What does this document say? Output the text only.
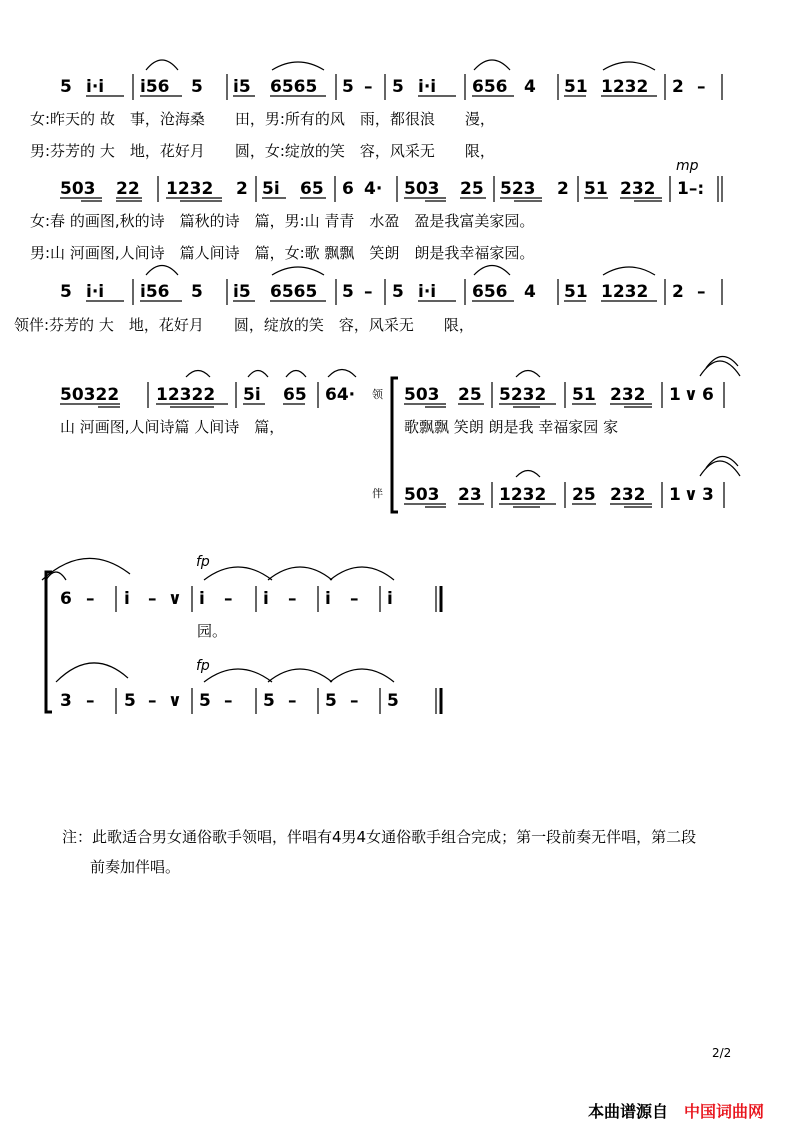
5 i·i i56 5 i5 6565 5 – 5 i·i 656 4 51 1232 2 –
女:昨天的 故　事，沧海桑　　田，男:所有的风　雨，都很浪　　漫，
男:芬芳的 大　地，花好月　　圆，女:绽放的笑　容，风采无　　限，
mp
503 22 1232 2 5i 65 6 4· 503 25 523 2 51 232 1–:
女:春 的画图,秋的诗　篇秋的诗　篇，男:山 青青　水盈　盈是我富美家园。
男:山 河画图,人间诗　篇人间诗　篇，女:歌 飘飘　笑朗　朗是我幸福家园。
5 i·i i56 5 i5 6565 5 – 5 i·i 656 4 51 1232 2 –
领伴:芬芳的 大　地，花好月　　圆，绽放的笑　容，风采无　　限，
50322 12322 5i 65 64·
山 河画图,人间诗篇 人间诗　篇，
领
伴
503 25 5232 51 232 1 ∨ 6
歌飘飘 笑朗 朗是我 幸福家园 家
503 23 1232 25 232 1 ∨ 3
fp
fp
6 – i – ∨ i – i – i – i
园。
3 – 5 – ∨ 5 – 5 – 5 – 5
注：此歌适合男女通俗歌手领唱，伴唱有4男4女通俗歌手组合完成；第一段前奏无伴唱，第二段
前奏加伴唱。
2/2
本曲谱源自 中国词曲网
